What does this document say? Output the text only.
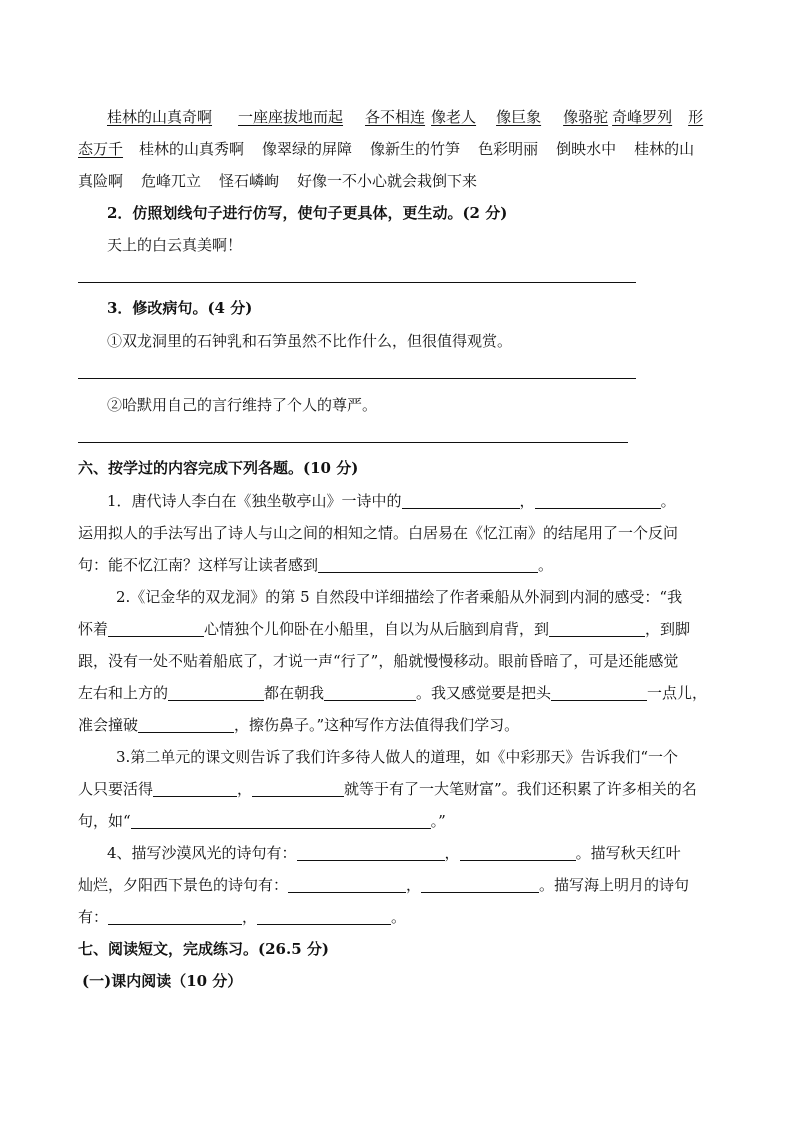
桂林的山真奇啊 一座座拔地而起 各不相连 像老人 像巨象 像骆驼 奇峰罗列 形
态万千 桂林的山真秀啊 像翠绿的屏障 像新生的竹笋 色彩明丽 倒映水中 桂林的山
真险啊 危峰兀立 怪石嶙峋 好像一不小心就会栽倒下来
2．仿照划线句子进行仿写，使句子更具体，更生动。(2 分)
天上的白云真美啊！
3．修改病句。(4 分)
①双龙洞里的石钟乳和石笋虽然不比作什么，但很值得观赏。
②哈默用自己的言行维持了个人的尊严。
六、按学过的内容完成下列各题。(10 分)
1．唐代诗人李白在《独坐敬亭山》一诗中的	，	。
运用拟人的手法写出了诗人与山之间的相知之情。白居易在《忆江南》的结尾用了一个反问
句：能不忆江南？这样写让读者感到	。
2.《记金华的双龙洞》的第 5 自然段中详细描绘了作者乘船从外洞到内洞的感受：“我
怀着	心情独个儿仰卧在小船里，自以为从后脑到肩背，到	，到脚
跟，没有一处不贴着船底了，才说一声“行了”，船就慢慢移动。眼前昏暗了，可是还能感觉
左右和上方的	都在朝我	。我又感觉要是把头	一点儿，
准会撞破	，擦伤鼻子。”这种写作方法值得我们学习。
3.第二单元的课文则告诉了我们许多待人做人的道理，如《中彩那天》告诉我们“一个
人只要活得	，	就等于有了一大笔财富”。我们还积累了许多相关的名
句，如“	。”
4、描写沙漠风光的诗句有：	，	。描写秋天红叶
灿烂，夕阳西下景色的诗句有：	，	。描写海上明月的诗句
有：	，	。
七、阅读短文，完成练习。(26.5 分)
(一)课内阅读（10 分）
